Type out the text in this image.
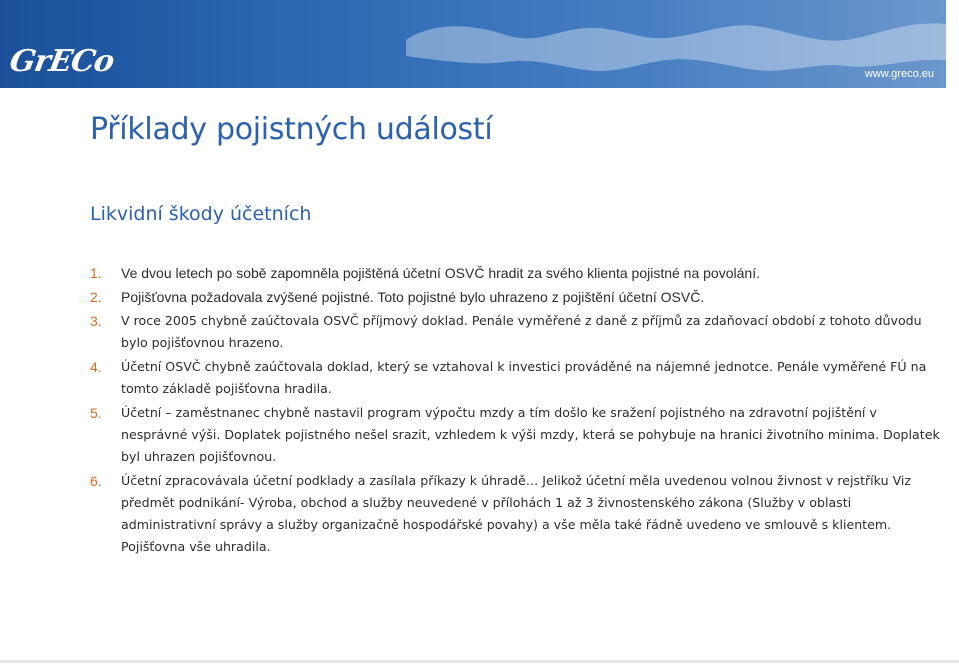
GrECo	www.greco.eu
Příklady pojistných událostí
Likvidní škody účetních
1. Ve dvou letech po sobě zapomněla pojištěná účetní OSVČ hradit za svého klienta pojistné na povolání.
2. Pojišťovna požadovala zvýšené pojistné. Toto pojistné bylo uhrazeno z pojištění účetní OSVČ.
3. V roce 2005 chybně zaúčtovala OSVČ příjmový doklad. Penále vyměřené z daně z příjmů za zdaňovací období z tohoto důvodu bylo pojišťovnou hrazeno.
4. Účetní OSVČ chybně zaúčtovala doklad, který se vztahoval k investici prováděné na nájemné jednotce. Penále vyměřené FÚ na tomto základě pojišťovna hradila.
5. Účetní – zaměstnanec chybně nastavil program výpočtu mzdy a tím došlo ke sražení pojistného na zdravotní pojištění v nesprávné výši. Doplatek pojistného nešel srazit, vzhledem k výši mzdy, která se pohybuje na hranici životního minima. Doplatek byl uhrazen pojišťovnou.
6. Účetní zpracovávala účetní podklady a zasílala příkazy k úhradě… Jelikož účetní měla uvedenou volnou živnost v rejstříku Viz předmět podnikání- Výroba, obchod a služby neuvedené v přílohách 1 až 3 živnostenského zákona (Služby v oblasti administrativní správy a služby organizačně hospodářské povahy) a vše měla také řádně uvedeno ve smlouvě s klientem. Pojišťovna vše uhradila.
